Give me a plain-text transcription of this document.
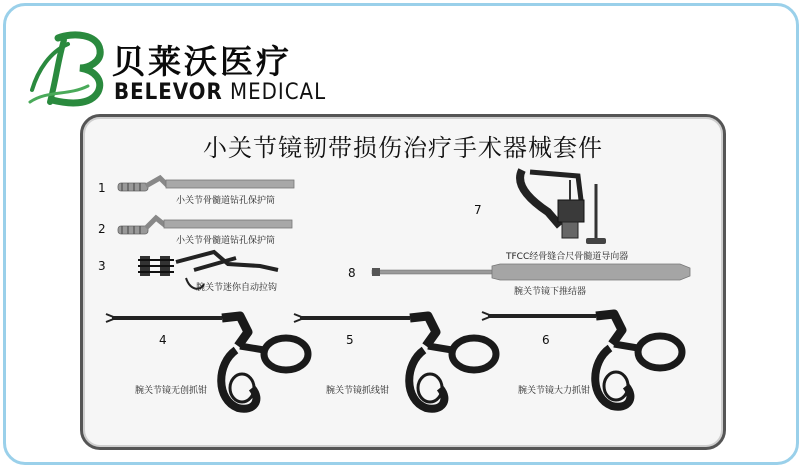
贝莱沃医疗
BELEVOR MEDICAL
小关节镜韧带损伤治疗手术器械套件
1
小关节骨髓道钻孔保护筒
2
小关节骨髓道钻孔保护筒
3
腕关节迷你自动拉钩
4
腕关节镜无创抓钳
5
腕关节镜抓线钳
6
腕关节镜大力抓钳
7
TFCC经骨缝合尺骨髓道导向器
8
腕关节镜下推结器
